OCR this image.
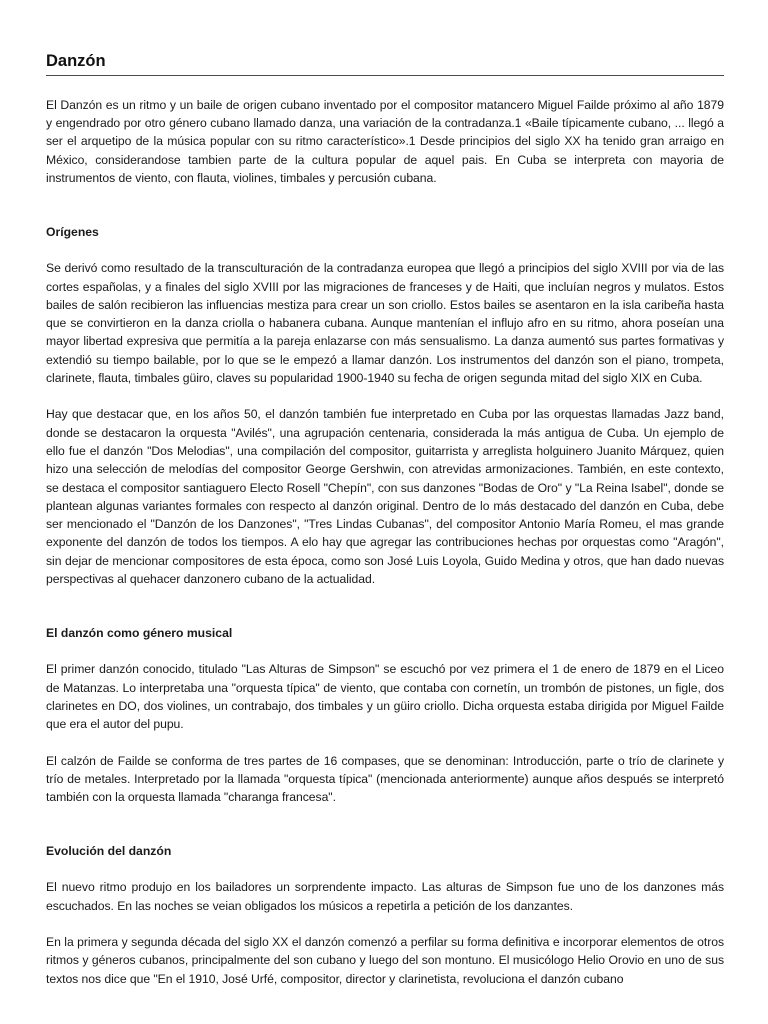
Danzón

El Danzón es un ritmo y un baile de origen cubano inventado por el compositor matancero Miguel Failde próximo al año 1879 y engendrado por otro género cubano llamado danza, una variación de la contradanza.1 «Baile típicamente cubano, ... llegó a ser el arquetipo de la música popular con su ritmo característico».1 Desde principios del siglo XX ha tenido gran arraigo en México, considerandose tambien parte de la cultura popular de aquel pais. En Cuba se interpreta con mayoria de instrumentos de viento, con flauta, violines, timbales y percusión cubana.

Orígenes

Se derivó como resultado de la transculturación de la contradanza europea que llegó a principios del siglo XVIII por via de las cortes españolas, y a finales del siglo XVIII por las migraciones de franceses y de Haiti, que incluían negros y mulatos. Estos bailes de salón recibieron las influencias mestiza para crear un son criollo. Estos bailes se asentaron en la isla caribeña hasta que se convirtieron en la danza criolla o habanera cubana. Aunque mantenían el influjo afro en su ritmo, ahora poseían una mayor libertad expresiva que permitía a la pareja enlazarse con más sensualismo. La danza aumentó sus partes formativas y extendió su tiempo bailable, por lo que se le empezó a llamar danzón. Los instrumentos del danzón son el piano, trompeta, clarinete, flauta, timbales güiro, claves su popularidad 1900-1940 su fecha de origen segunda mitad del siglo XIX en Cuba.

Hay que destacar que, en los años 50, el danzón también fue interpretado en Cuba por las orquestas llamadas Jazz band, donde se destacaron la orquesta "Avilés", una agrupación centenaria, considerada la más antigua de Cuba. Un ejemplo de ello fue el danzón "Dos Melodias", una compilación del compositor, guitarrista y arreglista holguinero Juanito Márquez, quien hizo una selección de melodías del compositor George Gershwin, con atrevidas armonizaciones. También, en este contexto, se destaca el compositor santiaguero Electo Rosell "Chepín", con sus danzones "Bodas de Oro" y "La Reina Isabel", donde se plantean algunas variantes formales con respecto al danzón original. Dentro de lo más destacado del danzón en Cuba, debe ser mencionado el "Danzón de los Danzones", "Tres Lindas Cubanas", del compositor Antonio María Romeu, el mas grande exponente del danzón de todos los tiempos. A elo hay que agregar las contribuciones hechas por orquestas como "Aragón", sin dejar de mencionar compositores de esta época, como son José Luis Loyola, Guido Medina y otros, que han dado nuevas perspectivas al quehacer danzonero cubano de la actualidad.

El danzón como género musical

El primer danzón conocido, titulado "Las Alturas de Simpson" se escuchó por vez primera el 1 de enero de 1879 en el Liceo de Matanzas. Lo interpretaba una "orquesta típica" de viento, que contaba con cornetín, un trombón de pistones, un figle, dos clarinetes en DO, dos violines, un contrabajo, dos timbales y un güiro criollo. Dicha orquesta estaba dirigida por Miguel Failde que era el autor del pupu.

El calzón de Failde se conforma de tres partes de 16 compases, que se denominan: Introducción, parte o trío de clarinete y trío de metales. Interpretado por la llamada "orquesta típica" (mencionada anteriormente) aunque años después se interpretó también con la orquesta llamada "charanga francesa".

Evolución del danzón

El nuevo ritmo produjo en los bailadores un sorprendente impacto. Las alturas de Simpson fue uno de los danzones más escuchados. En las noches se veian obligados los músicos a repetirla a petición de los danzantes.

En la primera y segunda década del siglo XX el danzón comenzó a perfilar su forma definitiva e incorporar elementos de otros ritmos y géneros cubanos, principalmente del son cubano y luego del son montuno. El musicólogo Helio Orovio en uno de sus textos nos dice que "En el 1910, José Urfé, compositor, director y clarinetista, revoluciona el danzón cubano
